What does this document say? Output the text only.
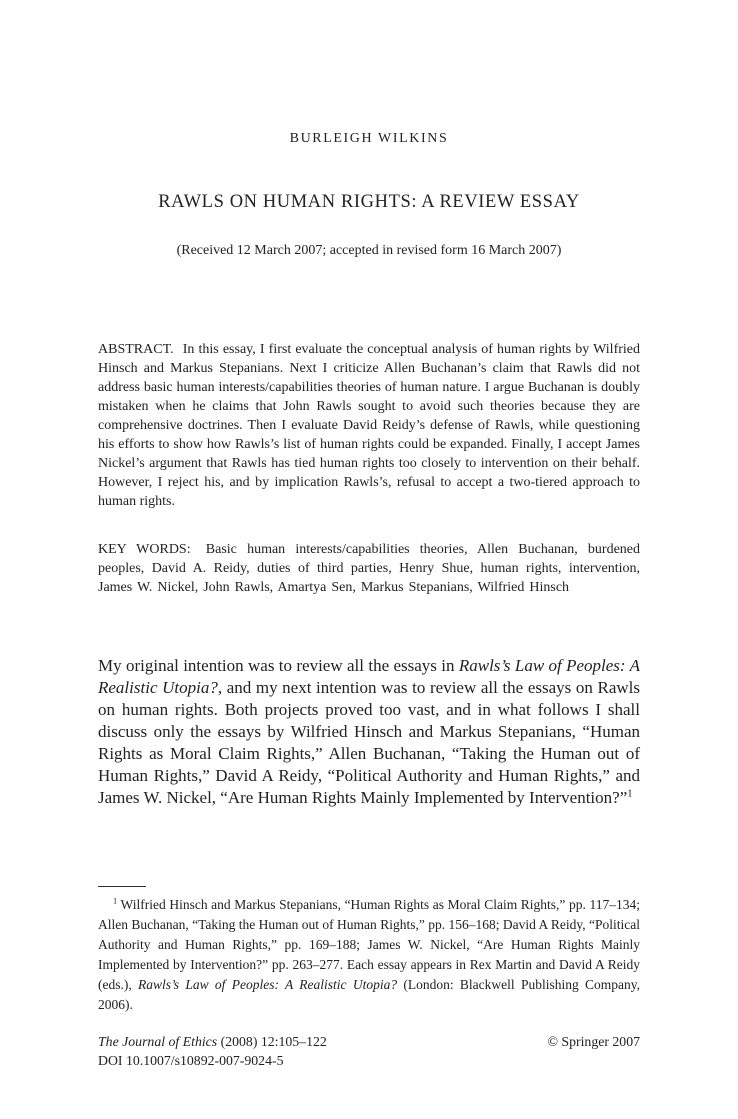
BURLEIGH WILKINS
RAWLS ON HUMAN RIGHTS: A REVIEW ESSAY
(Received 12 March 2007; accepted in revised form 16 March 2007)

ABSTRACT. In this essay, I first evaluate the conceptual analysis of human rights by Wilfried Hinsch and Markus Stepanians. Next I criticize Allen Buchanan’s claim that Rawls did not address basic human interests/capabilities theories of human nature. I argue Buchanan is doubly mistaken when he claims that John Rawls sought to avoid such theories because they are comprehensive doctrines. Then I evaluate David Reidy’s defense of Rawls, while questioning his efforts to show how Rawls’s list of human rights could be expanded. Finally, I accept James Nickel’s argument that Rawls has tied human rights too closely to intervention on their behalf. However, I reject his, and by implication Rawls’s, refusal to accept a two-tiered approach to human rights.

KEY WORDS: Basic human interests/capabilities theories, Allen Buchanan, burdened peoples, David A. Reidy, duties of third parties, Henry Shue, human rights, intervention, James W. Nickel, John Rawls, Amartya Sen, Markus Stepanians, Wilfried Hinsch

My original intention was to review all the essays in Rawls’s Law of Peoples: A Realistic Utopia?, and my next intention was to review all the essays on Rawls on human rights. Both projects proved too vast, and in what follows I shall discuss only the essays by Wilfried Hinsch and Markus Stepanians, “Human Rights as Moral Claim Rights,” Allen Buchanan, “Taking the Human out of Human Rights,” David A Reidy, “Political Authority and Human Rights,” and James W. Nickel, “Are Human Rights Mainly Implemented by Intervention?”$^1$

$^1$ Wilfried Hinsch and Markus Stepanians, “Human Rights as Moral Claim Rights,” pp. 117–134; Allen Buchanan, “Taking the Human out of Human Rights,” pp. 156–168; David A Reidy, “Political Authority and Human Rights,” pp. 169–188; James W. Nickel, “Are Human Rights Mainly Implemented by Intervention?” pp. 263–277. Each essay appears in Rex Martin and David A Reidy (eds.), Rawls’s Law of Peoples: A Realistic Utopia? (London: Blackwell Publishing Company, 2006).

The Journal of Ethics (2008) 12:105–122	© Springer 2007
DOI 10.1007/s10892-007-9024-5
